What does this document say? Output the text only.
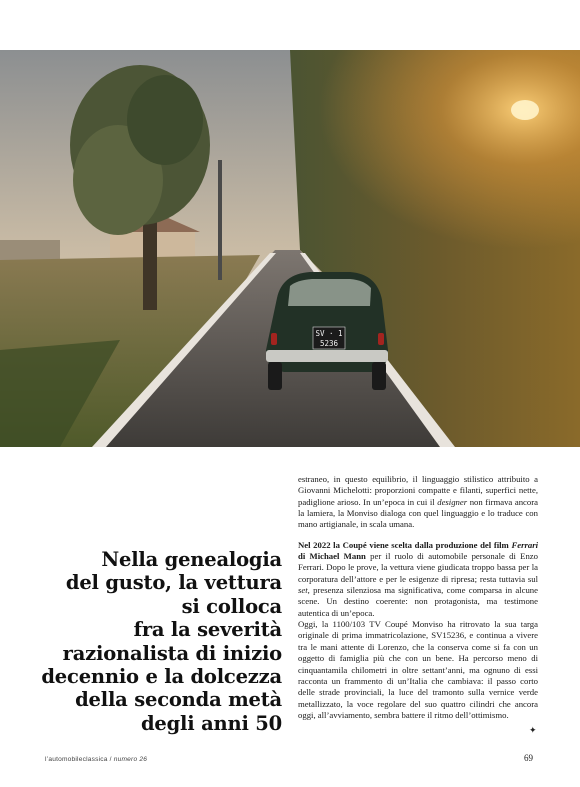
SV · 1
5236
Nella genealogia
del gusto, la vettura
si colloca
fra la severità
razionalista di inizio
decennio e la dolcezza
della seconda metà
degli anni 50

estraneo, in questo equilibrio, il linguaggio stilistico attribuito a Giovanni Michelotti: proporzioni compatte e filanti, superfici nette, padiglione arioso. In un’epoca in cui il designer non firmava ancora la lamiera, la Monviso dialoga con quel linguaggio e lo traduce con mano artigianale, in scala umana.

Nel 2022 la Coupé viene scelta dalla produzione del film Ferrari di Michael Mann per il ruolo di automobile personale di Enzo Ferrari. Dopo le prove, la vettura viene giudicata troppo bassa per la corporatura dell’attore e per le esigenze di ripresa; resta tuttavia sul set, presenza silenziosa ma significativa, come comparsa in alcune scene. Un destino coerente: non protagonista, ma testimone autentica di un’epoca.

Oggi, la 1100/103 TV Coupé Monviso ha ritrovato la sua targa originale di prima immatricolazione, SV15236, e continua a vivere tra le mani attente di Lorenzo, che la conserva come si fa con un oggetto di famiglia più che con un bene. Ha percorso meno di cinquantamila chilometri in oltre settant’anni, ma ognuno di essi racconta un frammento di un’Italia che cambiava: il passo corto delle strade provinciali, la luce del tramonto sulla vernice verde metallizzato, la voce regolare del suo quattro cilindri che ancora oggi, all’avviamento, sembra battere il ritmo dell’ottimismo.

✦
l’automobileclassica / numero 26	69
